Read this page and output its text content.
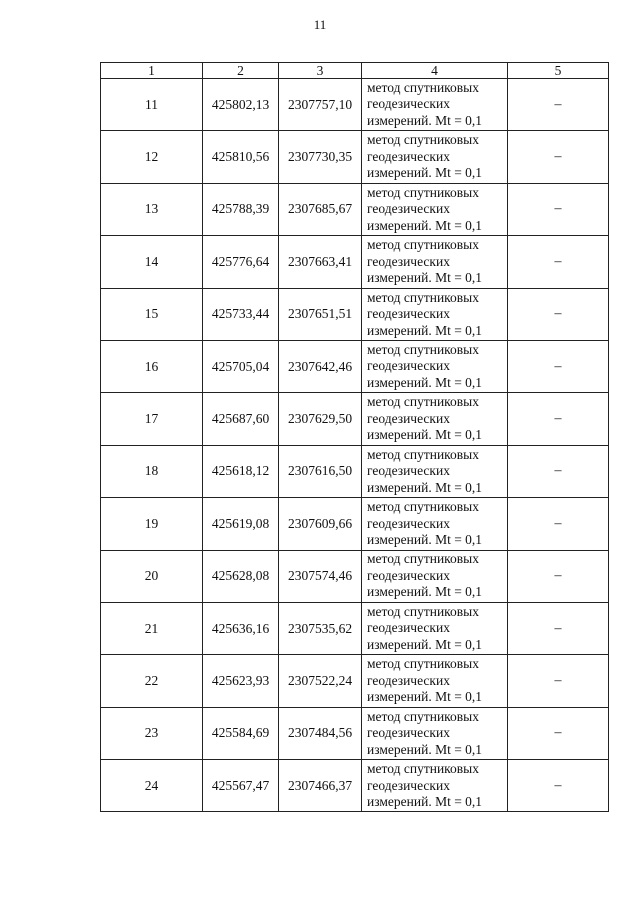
11
1	2	3	4	5
11	425802,13	2307757,10	метод спутниковых
геодезических
измерений. Mt = 0,1	–
12	425810,56	2307730,35	метод спутниковых
геодезических
измерений. Mt = 0,1	–
13	425788,39	2307685,67	метод спутниковых
геодезических
измерений. Mt = 0,1	–
14	425776,64	2307663,41	метод спутниковых
геодезических
измерений. Mt = 0,1	–
15	425733,44	2307651,51	метод спутниковых
геодезических
измерений. Mt = 0,1	–
16	425705,04	2307642,46	метод спутниковых
геодезических
измерений. Mt = 0,1	–
17	425687,60	2307629,50	метод спутниковых
геодезических
измерений. Mt = 0,1	–
18	425618,12	2307616,50	метод спутниковых
геодезических
измерений. Mt = 0,1	–
19	425619,08	2307609,66	метод спутниковых
геодезических
измерений. Mt = 0,1	–
20	425628,08	2307574,46	метод спутниковых
геодезических
измерений. Mt = 0,1	–
21	425636,16	2307535,62	метод спутниковых
геодезических
измерений. Mt = 0,1	–
22	425623,93	2307522,24	метод спутниковых
геодезических
измерений. Mt = 0,1	–
23	425584,69	2307484,56	метод спутниковых
геодезических
измерений. Mt = 0,1	–
24	425567,47	2307466,37	метод спутниковых
геодезических
измерений. Mt = 0,1	–
